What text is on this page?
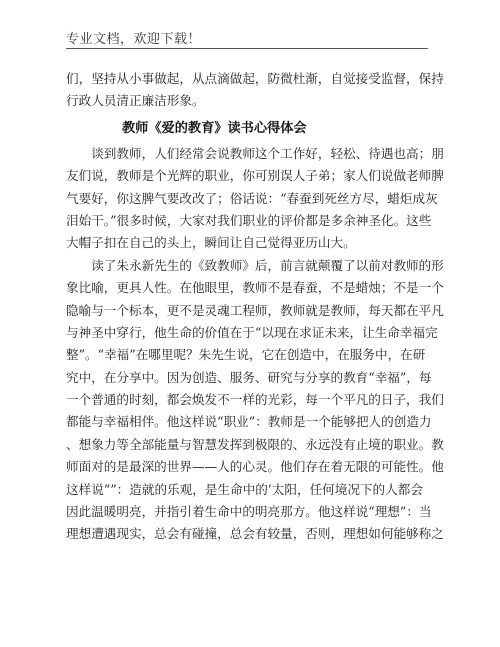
专业文档，欢迎下载！
们，坚持从小事做起，从点滴做起，防微杜渐，自觉接受监督，保持
行政人员清正廉洁形象。
教师《爱的教育》读书心得体会
　　谈到教师，人们经常会说教师这个工作好，轻松、待遇也高；朋
友们说，教师是个光辉的职业，你可别误人子弟；家人们说做老师脾
气要好，你这脾气要改改了；俗话说：“春蚕到死丝方尽，蜡炬成灰
泪始干。”很多时候，大家对我们职业的评价都是多余神圣化。这些
大帽子扣在自己的头上，瞬间让自己觉得亚历山大。
　　读了朱永新先生的《致教师》后，前言就颠覆了以前对教师的形
象比喻，更具人性。在他眼里，教师不是春蚕，不是蜡烛；不是一个
隐喻与一个标本，更不是灵魂工程师，教师就是教师，每天都在平凡
与神圣中穿行，他生命的价值在于“以现在求证未来，让生命幸福完
整”。“幸福”在哪里呢？朱先生说，它在创造中，在服务中，在研
究中，在分享中。因为创造、服务、研究与分享的教育“幸福”，每
一个普通的时刻，都会焕发不一样的光彩，每一个平凡的日子，我们
都能与幸福相伴。他这样说“职业”：教师是一个能够把人的创造力
、想象力等全部能量与智慧发挥到极限的、永远没有止境的职业。教
师面对的是最深的世界——人的心灵。他们存在着无限的可能性。他
这样说“”：造就的乐观，是生命中的’太阳，任何境况下的人都会
因此温暖明亮，并指引着生命中的明亮那方。他这样说“理想”：当
理想遭遇现实，总会有碰撞，总会有较量，否则，理想如何能够称之
